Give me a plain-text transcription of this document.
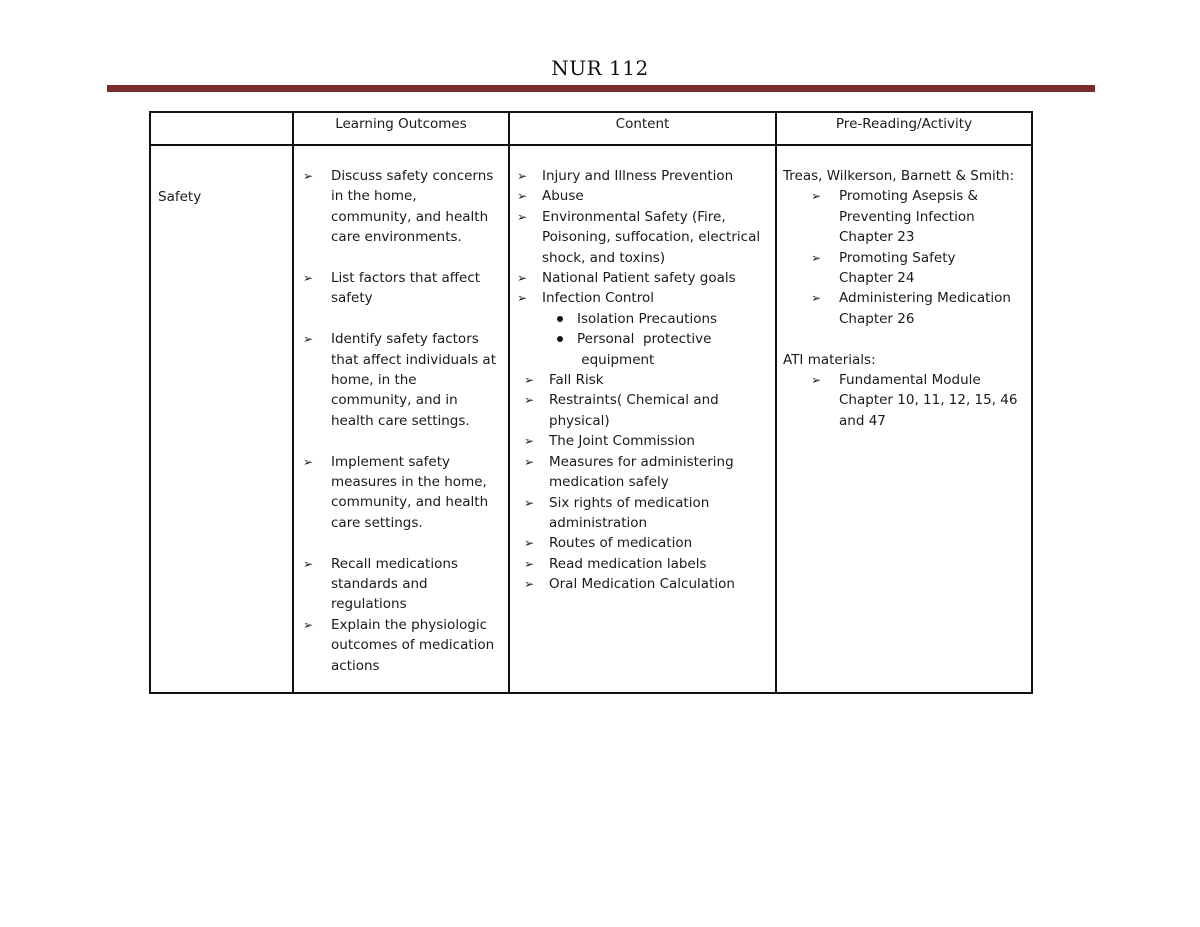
NUR 112
Learning Outcomes	Content	Pre-Reading/Activity
Safety
➢ Discuss safety concerns
in the home,
community, and health
care environments.
➢ List factors that affect
safety
➢ Identify safety factors
that affect individuals at
home, in the
community, and in
health care settings.
➢ Implement safety
measures in the home,
community, and health
care settings.
➢ Recall medications
standards and
regulations
➢ Explain the physiologic
outcomes of medication
actions
➢ Injury and Illness Prevention
➢ Abuse
➢ Environmental Safety (Fire,
Poisoning, suffocation, electrical
shock, and toxins)
➢ National Patient safety goals
➢ Infection Control
Isolation Precautions
Personal  protective
equipment
➢ Fall Risk
➢ Restraints( Chemical and
physical)
➢ The Joint Commission
➢ Measures for administering
medication safely
➢ Six rights of medication
administration
➢ Routes of medication
➢ Read medication labels
➢ Oral Medication Calculation
Treas, Wilkerson, Barnett & Smith:
➢ Promoting Asepsis &
Preventing Infection
Chapter 23
➢ Promoting Safety
Chapter 24
➢ Administering Medication
Chapter 26
ATI materials:
➢ Fundamental Module
Chapter 10, 11, 12, 15, 46
and 47
